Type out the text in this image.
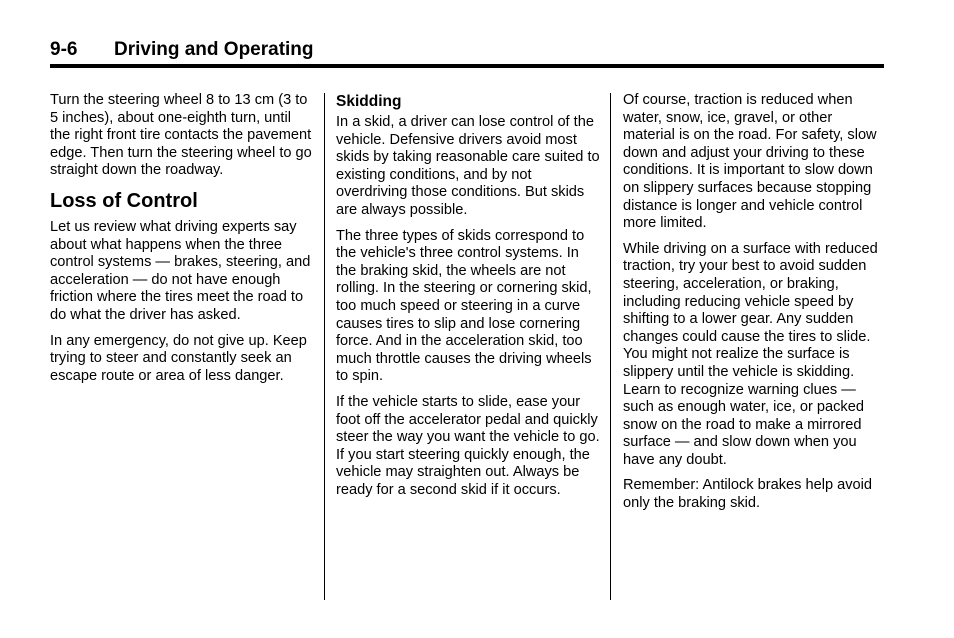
9-6 Driving and Operating

Turn the steering wheel 8 to 13 cm (3 to 5 inches), about one-eighth turn, until the right front tire contacts the pavement edge. Then turn the steering wheel to go straight down the roadway.

Loss of Control

Let us review what driving experts say about what happens when the three control systems — brakes, steering, and acceleration — do not have enough friction where the tires meet the road to do what the driver has asked.

In any emergency, do not give up. Keep trying to steer and constantly seek an escape route or area of less danger.

Skidding

In a skid, a driver can lose control of the vehicle. Defensive drivers avoid most skids by taking reasonable care suited to existing conditions, and by not overdriving those conditions. But skids are always possible.

The three types of skids correspond to the vehicle's three control systems. In the braking skid, the wheels are not rolling. In the steering or cornering skid, too much speed or steering in a curve causes tires to slip and lose cornering force. And in the acceleration skid, too much throttle causes the driving wheels to spin.

If the vehicle starts to slide, ease your foot off the accelerator pedal and quickly steer the way you want the vehicle to go. If you start steering quickly enough, the vehicle may straighten out. Always be ready for a second skid if it occurs.

Of course, traction is reduced when water, snow, ice, gravel, or other material is on the road. For safety, slow down and adjust your driving to these conditions. It is important to slow down on slippery surfaces because stopping distance is longer and vehicle control more limited.

While driving on a surface with reduced traction, try your best to avoid sudden steering, acceleration, or braking, including reducing vehicle speed by shifting to a lower gear. Any sudden changes could cause the tires to slide. You might not realize the surface is slippery until the vehicle is skidding. Learn to recognize warning clues — such as enough water, ice, or packed snow on the road to make a mirrored surface — and slow down when you have any doubt.

Remember: Antilock brakes help avoid only the braking skid.
